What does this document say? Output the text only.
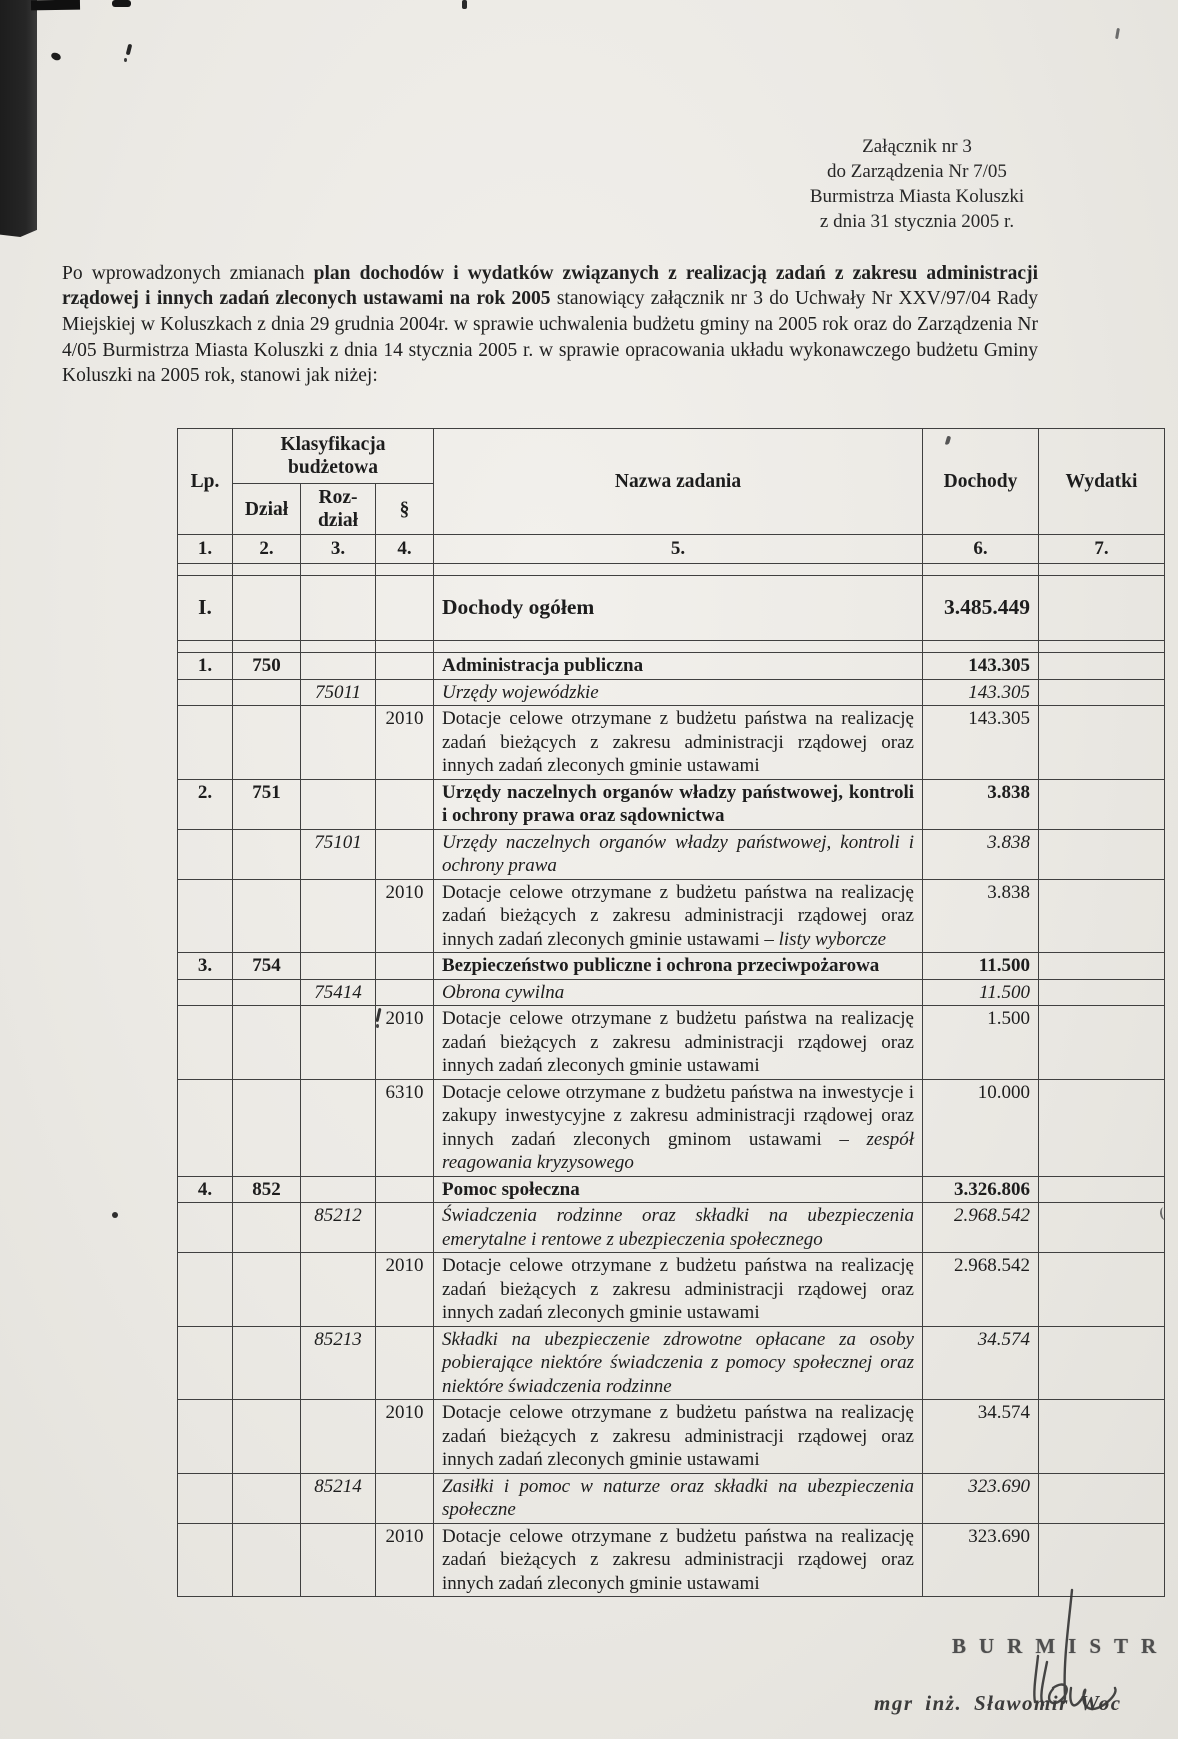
Załącznik nr 3
do Zarządzenia Nr 7/05
Burmistrza Miasta Koluszki
z dnia 31 stycznia 2005 r.

Po wprowadzonych zmianach plan dochodów i wydatków związanych z realizacją zadań z zakresu administracji rządowej i innych zadań zleconych ustawami na rok 2005 stanowiący załącznik nr 3 do Uchwały Nr XXV/97/04 Rady Miejskiej w Koluszkach z dnia 29 grudnia 2004r. w sprawie uchwalenia budżetu gminy na 2005 rok oraz do Zarządzenia Nr 4/05 Burmistrza Miasta Koluszki z dnia 14 stycznia 2005 r. w sprawie opracowania układu wykonawczego budżetu Gminy Koluszki na 2005 rok, stanowi jak niżej:

Lp.	Klasyfikacja budżetowa			Nazwa zadania	Dochody	Wydatki
	Dział	Roz-dział	§			
1.	2.	3.	4.	5.	6.	7.

I.				Dochody ogółem	3.485.449	

1.	750			Administracja publiczna	143.305	
		75011		Urzędy wojewódzkie	143.305	
			2010	Dotacje celowe otrzymane z budżetu państwa na realizację zadań bieżących z zakresu administracji rządowej oraz innych zadań zleconych gminie ustawami	143.305	
2.	751			Urzędy naczelnych organów władzy państwowej, kontroli i ochrony prawa oraz sądownictwa	3.838	
		75101		Urzędy naczelnych organów władzy państwowej, kontroli i ochrony prawa	3.838	
			2010	Dotacje celowe otrzymane z budżetu państwa na realizację zadań bieżących z zakresu administracji rządowej oraz innych zadań zleconych gminie ustawami – listy wyborcze	3.838	
3.	754			Bezpieczeństwo publiczne i ochrona przeciwpożarowa	11.500	
		75414		Obrona cywilna	11.500	
			2010	Dotacje celowe otrzymane z budżetu państwa na realizację zadań bieżących z zakresu administracji rządowej oraz innych zadań zleconych gminie ustawami	1.500	
			6310	Dotacje celowe otrzymane z budżetu państwa na inwestycje i zakupy inwestycyjne z zakresu administracji rządowej oraz innych zadań zleconych gminom ustawami – zespół reagowania kryzysowego	10.000	
4.	852			Pomoc społeczna	3.326.806	
		85212		Świadczenia rodzinne oraz składki na ubezpieczenia emerytalne i rentowe z ubezpieczenia społecznego	2.968.542	
			2010	Dotacje celowe otrzymane z budżetu państwa na realizację zadań bieżących z zakresu administracji rządowej oraz innych zadań zleconych gminie ustawami	2.968.542	
		85213		Składki na ubezpieczenie zdrowotne opłacane za osoby pobierające niektóre świadczenia z pomocy społecznej oraz niektóre świadczenia rodzinne	34.574	
			2010	Dotacje celowe otrzymane z budżetu państwa na realizację zadań bieżących z zakresu administracji rządowej oraz innych zadań zleconych gminie ustawami	34.574	
		85214		Zasiłki i pomoc w naturze oraz składki na ubezpieczenia społeczne	323.690	
			2010	Dotacje celowe otrzymane z budżetu państwa na realizację zadań bieżących z zakresu administracji rządowej oraz innych zadań zleconych gminie ustawami	323.690	
BURMISTR
mgr inż. Sławomir Woc
